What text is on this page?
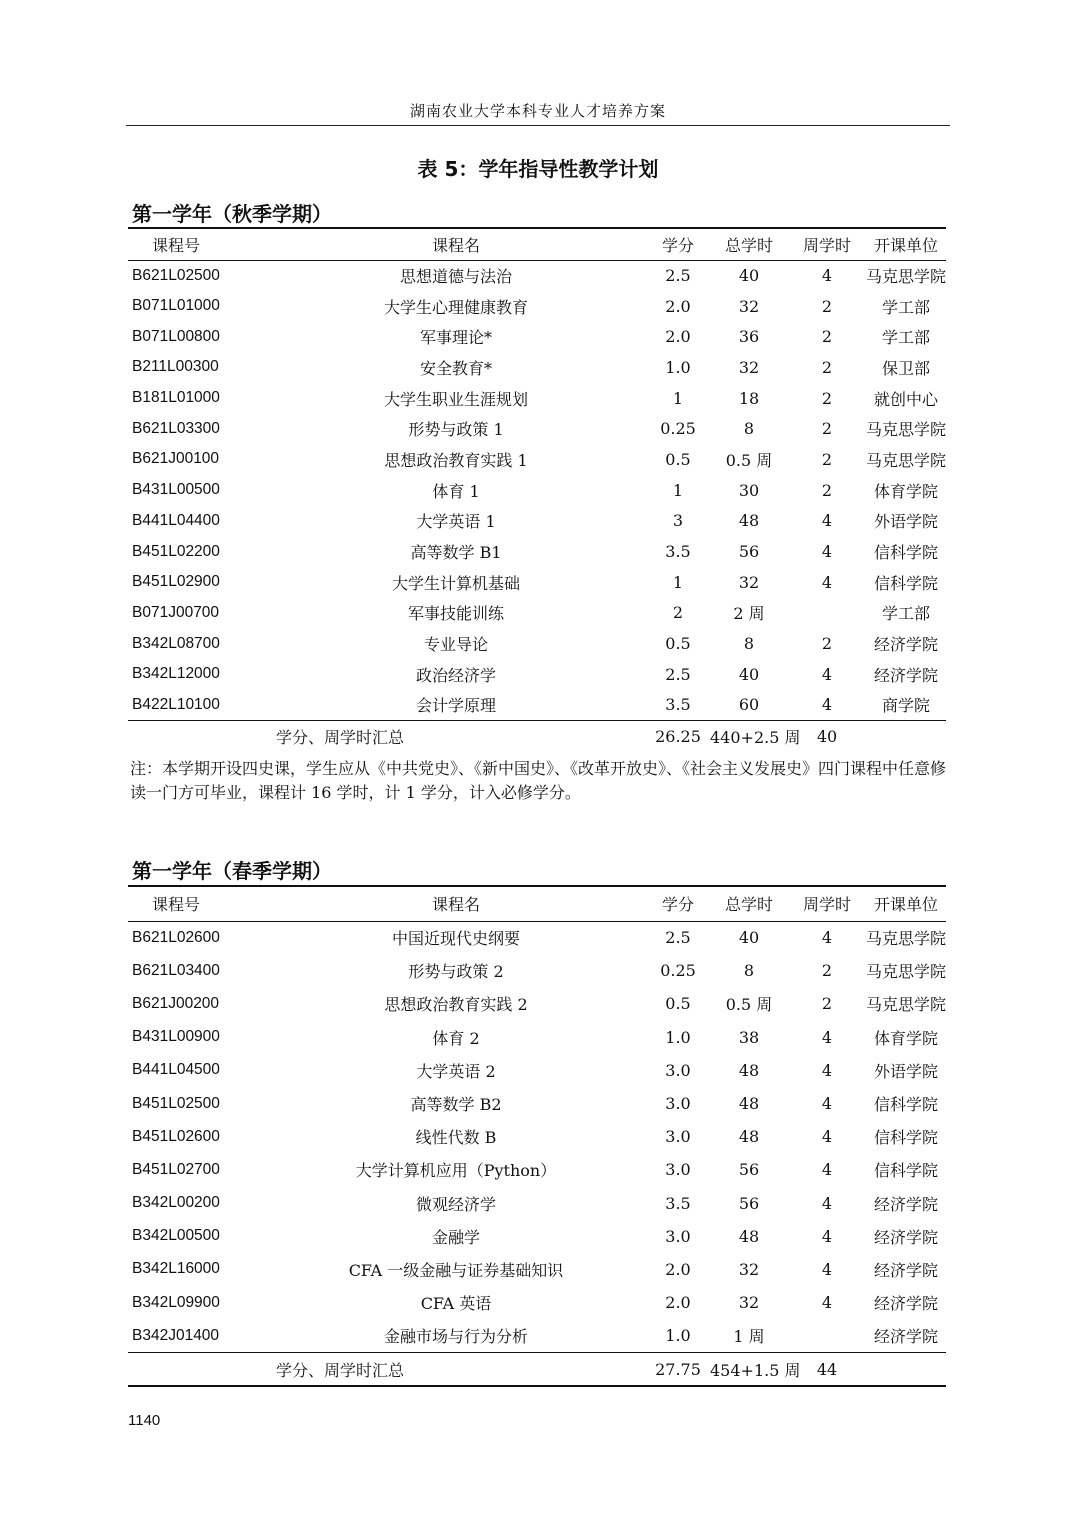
湖南农业大学本科专业人才培养方案
表 5：学年指导性教学计划
第一学年（秋季学期）
课程号	课程名	学分	总学时	周学时	开课单位
B621L02500	思想道德与法治	2.5	40	4	马克思学院
B071L01000	大学生心理健康教育	2.0	32	2	学工部
B071L00800	军事理论*	2.0	36	2	学工部
B211L00300	安全教育*	1.0	32	2	保卫部
B181L01000	大学生职业生涯规划	1	18	2	就创中心
B621L03300	形势与政策 1	0.25	8	2	马克思学院
B621J00100	思想政治教育实践 1	0.5	0.5 周	2	马克思学院
B431L00500	体育 1	1	30	2	体育学院
B441L04400	大学英语 1	3	48	4	外语学院
B451L02200	高等数学 B1	3.5	56	4	信科学院
B451L02900	大学生计算机基础	1	32	4	信科学院
B071J00700	军事技能训练	2	2 周		学工部
B342L08700	专业导论	0.5	8	2	经济学院
B342L12000	政治经济学	2.5	40	4	经济学院
B422L10100	会计学原理	3.5	60	4	商学院
学分、周学时汇总		26.25	440+2.5 周	40	
注：本学期开设四史课，学生应从《中共党史》、《新中国史》、《改革开放史》、《社会主义发展史》四门课程中任意修读一门方可毕业，课程计 16 学时，计 1 学分，计入必修学分。
第一学年（春季学期）
课程号	课程名	学分	总学时	周学时	开课单位
B621L02600	中国近现代史纲要	2.5	40	4	马克思学院
B621L03400	形势与政策 2	0.25	8	2	马克思学院
B621J00200	思想政治教育实践 2	0.5	0.5 周	2	马克思学院
B431L00900	体育 2	1.0	38	4	体育学院
B441L04500	大学英语 2	3.0	48	4	外语学院
B451L02500	高等数学 B2	3.0	48	4	信科学院
B451L02600	线性代数 B	3.0	48	4	信科学院
B451L02700	大学计算机应用（Python）	3.0	56	4	信科学院
B342L00200	微观经济学	3.5	56	4	经济学院
B342L00500	金融学	3.0	48	4	经济学院
B342L16000	CFA 一级金融与证券基础知识	2.0	32	4	经济学院
B342L09900	CFA 英语	2.0	32	4	经济学院
B342J01400	金融市场与行为分析	1.0	1 周		经济学院
学分、周学时汇总		27.75	454+1.5 周	44	
1140
